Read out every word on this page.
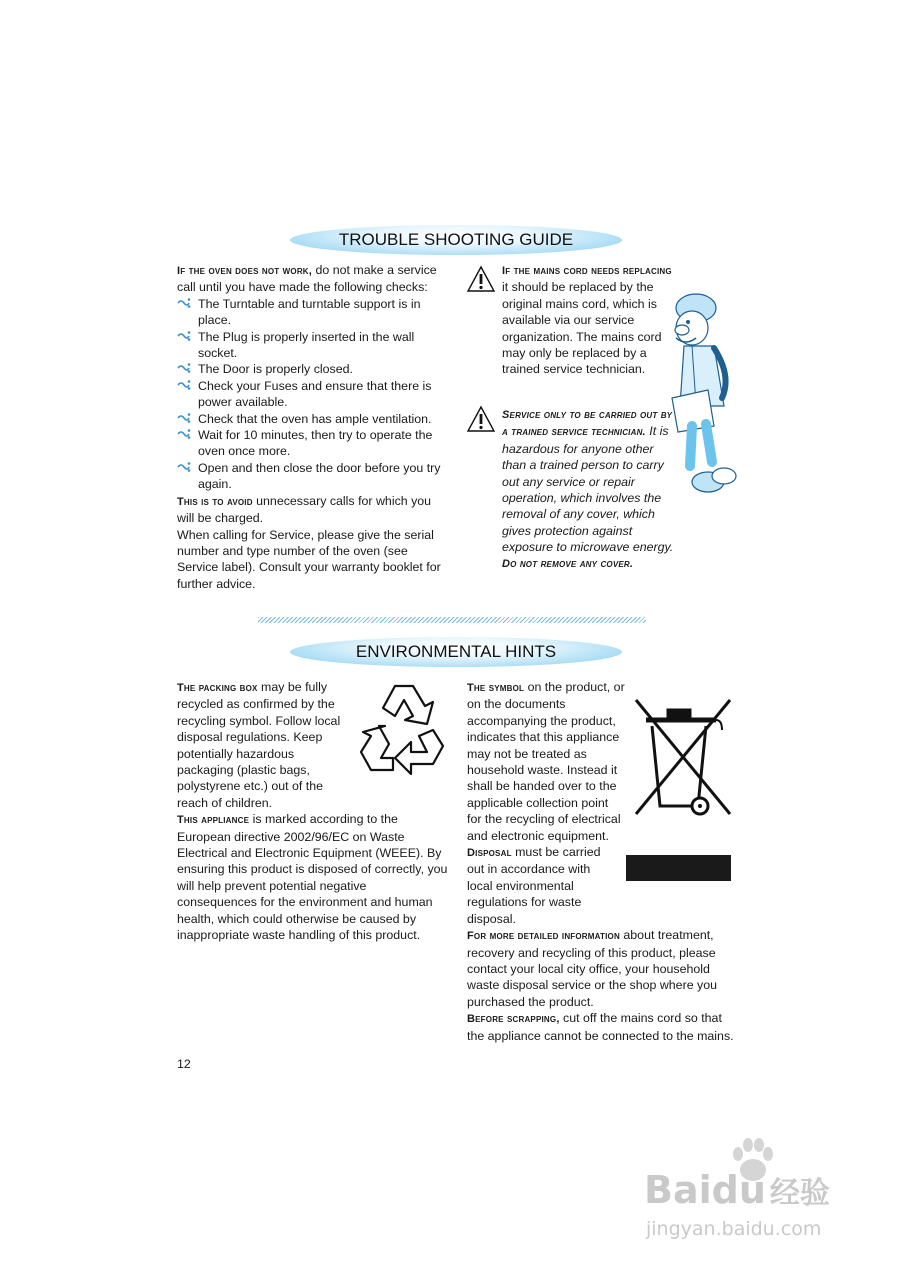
TROUBLE SHOOTING GUIDE

If the oven does not work, do not make a service call until you have made the following checks:

The Turntable and turntable support is in place.

The Plug is properly inserted in the wall socket.

The Door is properly closed.

Check your Fuses and ensure that there is power available.

Check that the oven has ample ventilation.

Wait for 10 minutes, then try to operate the oven once more.

Open and then close the door before you try again.

This is to avoid unnecessary calls for which you will be charged.

When calling for Service, please give the serial number and type number of the oven (see Service label). Consult your warranty booklet for further advice.

If the mains cord needs replacing it should be replaced by the original mains cord, which is available via our service organization. The mains cord may only be replaced by a trained service technician.

Service only to be carried out by a trained service technician. It is hazardous for anyone other than a trained person to carry out any service or repair operation, which involves the removal of any cover, which gives protection against exposure to microwave energy.

Do not remove any cover.

ENVIRONMENTAL HINTS

The packing box may be fully recycled as confirmed by the recycling symbol. Follow local disposal regulations. Keep potentially hazardous packaging (plastic bags, polystyrene etc.) out of the reach of children.

This appliance is marked according to the European directive 2002/96/EC on Waste Electrical and Electronic Equipment (WEEE). By ensuring this product is disposed of correctly, you will help prevent potential negative consequences for the environment and human health, which could otherwise be caused by inappropriate waste handling of this product.

The symbol on the product, or on the documents accompanying the product, indicates that this appliance may not be treated as household waste. Instead it shall be handed over to the applicable collection point for the recycling of electrical and electronic equipment.

Disposal must be carried out in accordance with local environmental regulations for waste disposal.

For more detailed information about treatment, recovery and recycling of this product, please contact your local city office, your household waste disposal service or the shop where you purchased the product.

Before scrapping, cut off the mains cord so that the appliance cannot be connected to the mains.

12
Baidu 经验
jingyan.baidu.com
